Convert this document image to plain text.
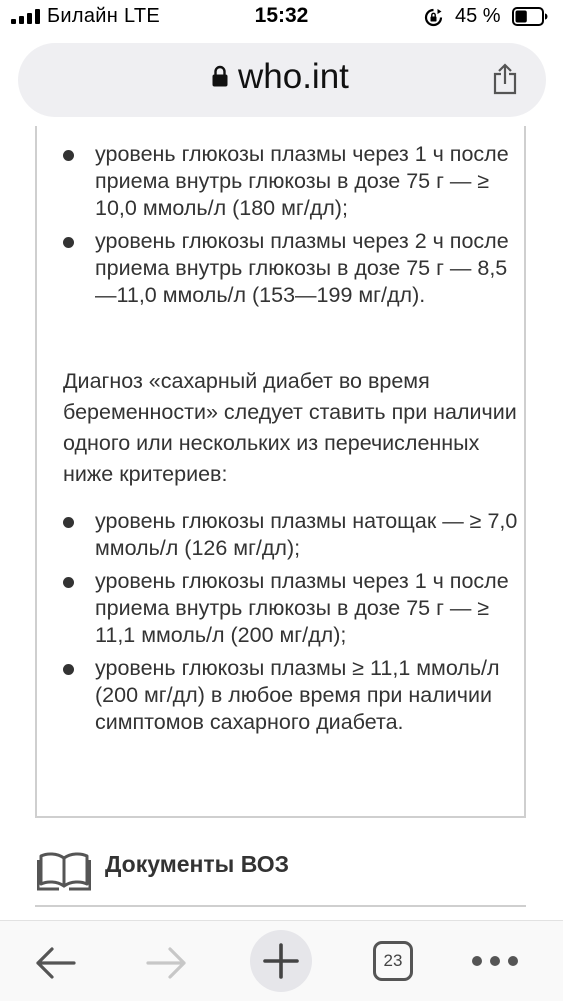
Билайн LTE	15:32	45 %
who.int
уровень глюкозы плазмы через 1 ч после приема внутрь глюкозы в дозе 75 г — ≥ 10,0 ммоль/л (180 мг/дл);
уровень глюкозы плазмы через 2 ч после приема внутрь глюкозы в дозе 75 г — 8,5—11,0 ммоль/л (153—199 мг/дл).

Диагноз «сахарный диабет во время беременности» следует ставить при наличии одного или нескольких из перечисленных ниже критериев:

уровень глюкозы плазмы натощак — ≥ 7,0 ммоль/л (126 мг/дл);
уровень глюкозы плазмы через 1 ч после приема внутрь глюкозы в дозе 75 г — ≥ 11,1 ммоль/л (200 мг/дл);
уровень глюкозы плазмы ≥ 11,1 ммоль/л (200 мг/дл) в любое время при наличии симптомов сахарного диабета.
Документы ВОЗ
23
